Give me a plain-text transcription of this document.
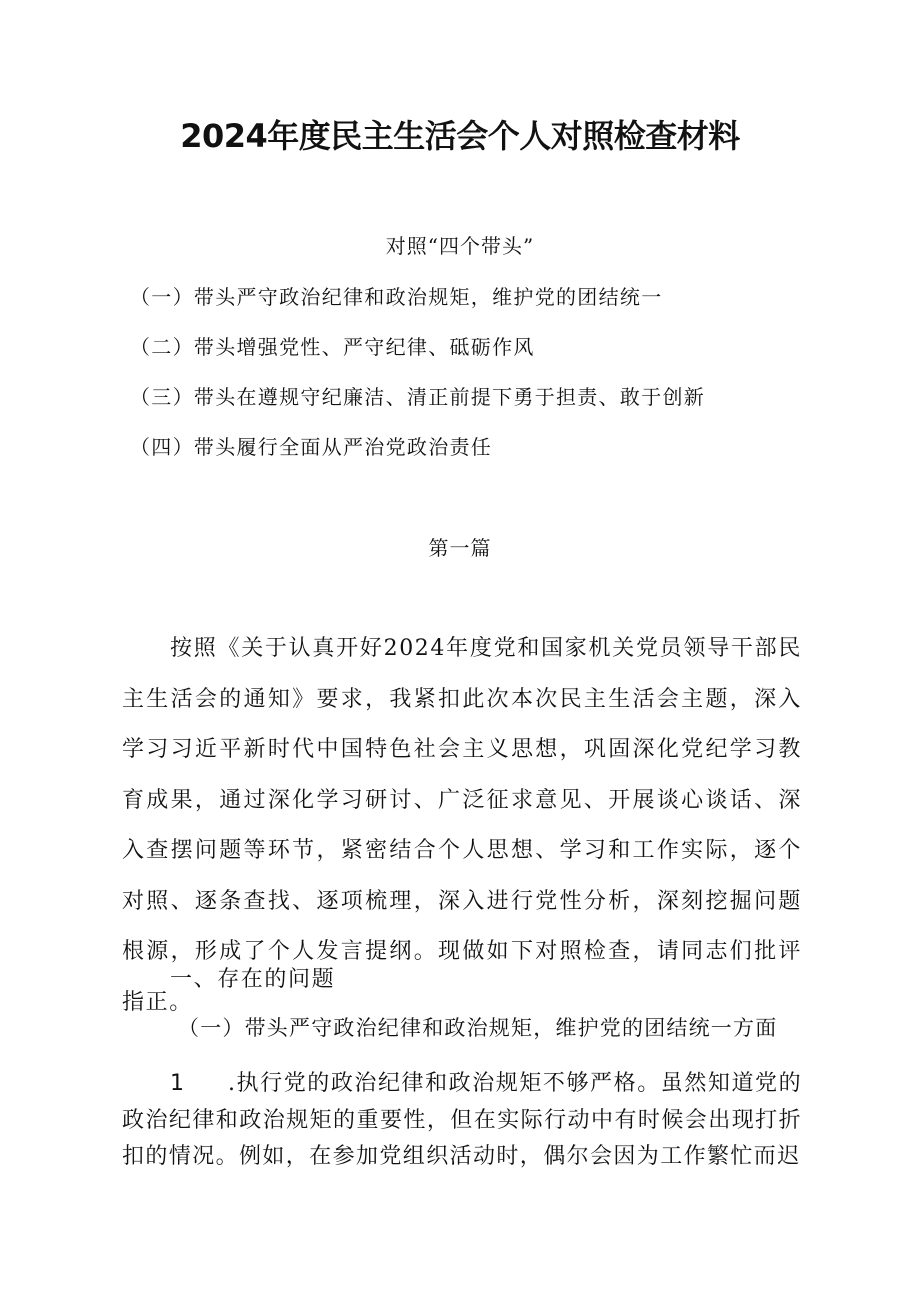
2024年度民主生活会个人对照检查材料
对照“四个带头”
（一）带头严守政治纪律和政治规矩，维护党的团结统一
（二）带头增强党性、严守纪律、砥砺作风
（三）带头在遵规守纪廉洁、清正前提下勇于担责、敢于创新
（四）带头履行全面从严治党政治责任
第一篇
按照《关于认真开好2024年度党和国家机关党员领导干部民主生活会的通知》要求，我紧扣此次本次民主生活会主题，深入学习习近平新时代中国特色社会主义思想，巩固深化党纪学习教育成果，通过深化学习研讨、广泛征求意见、开展谈心谈话、深入查摆问题等环节，紧密结合个人思想、学习和工作实际，逐个对照、逐条查找、逐项梳理，深入进行党性分析，深刻挖掘问题根源，形成了个人发言提纲。现做如下对照检查，请同志们批评指正。
一、存在的问题
（一）带头严守政治纪律和政治规矩，维护党的团结统一方面
1 .执行党的政治纪律和政治规矩不够严格。虽然知道党的政治纪律和政治规矩的重要性，但在实际行动中有时候会出现打折扣的情况。例如，在参加党组织活动时，偶尔会因为工作繁忙而迟
